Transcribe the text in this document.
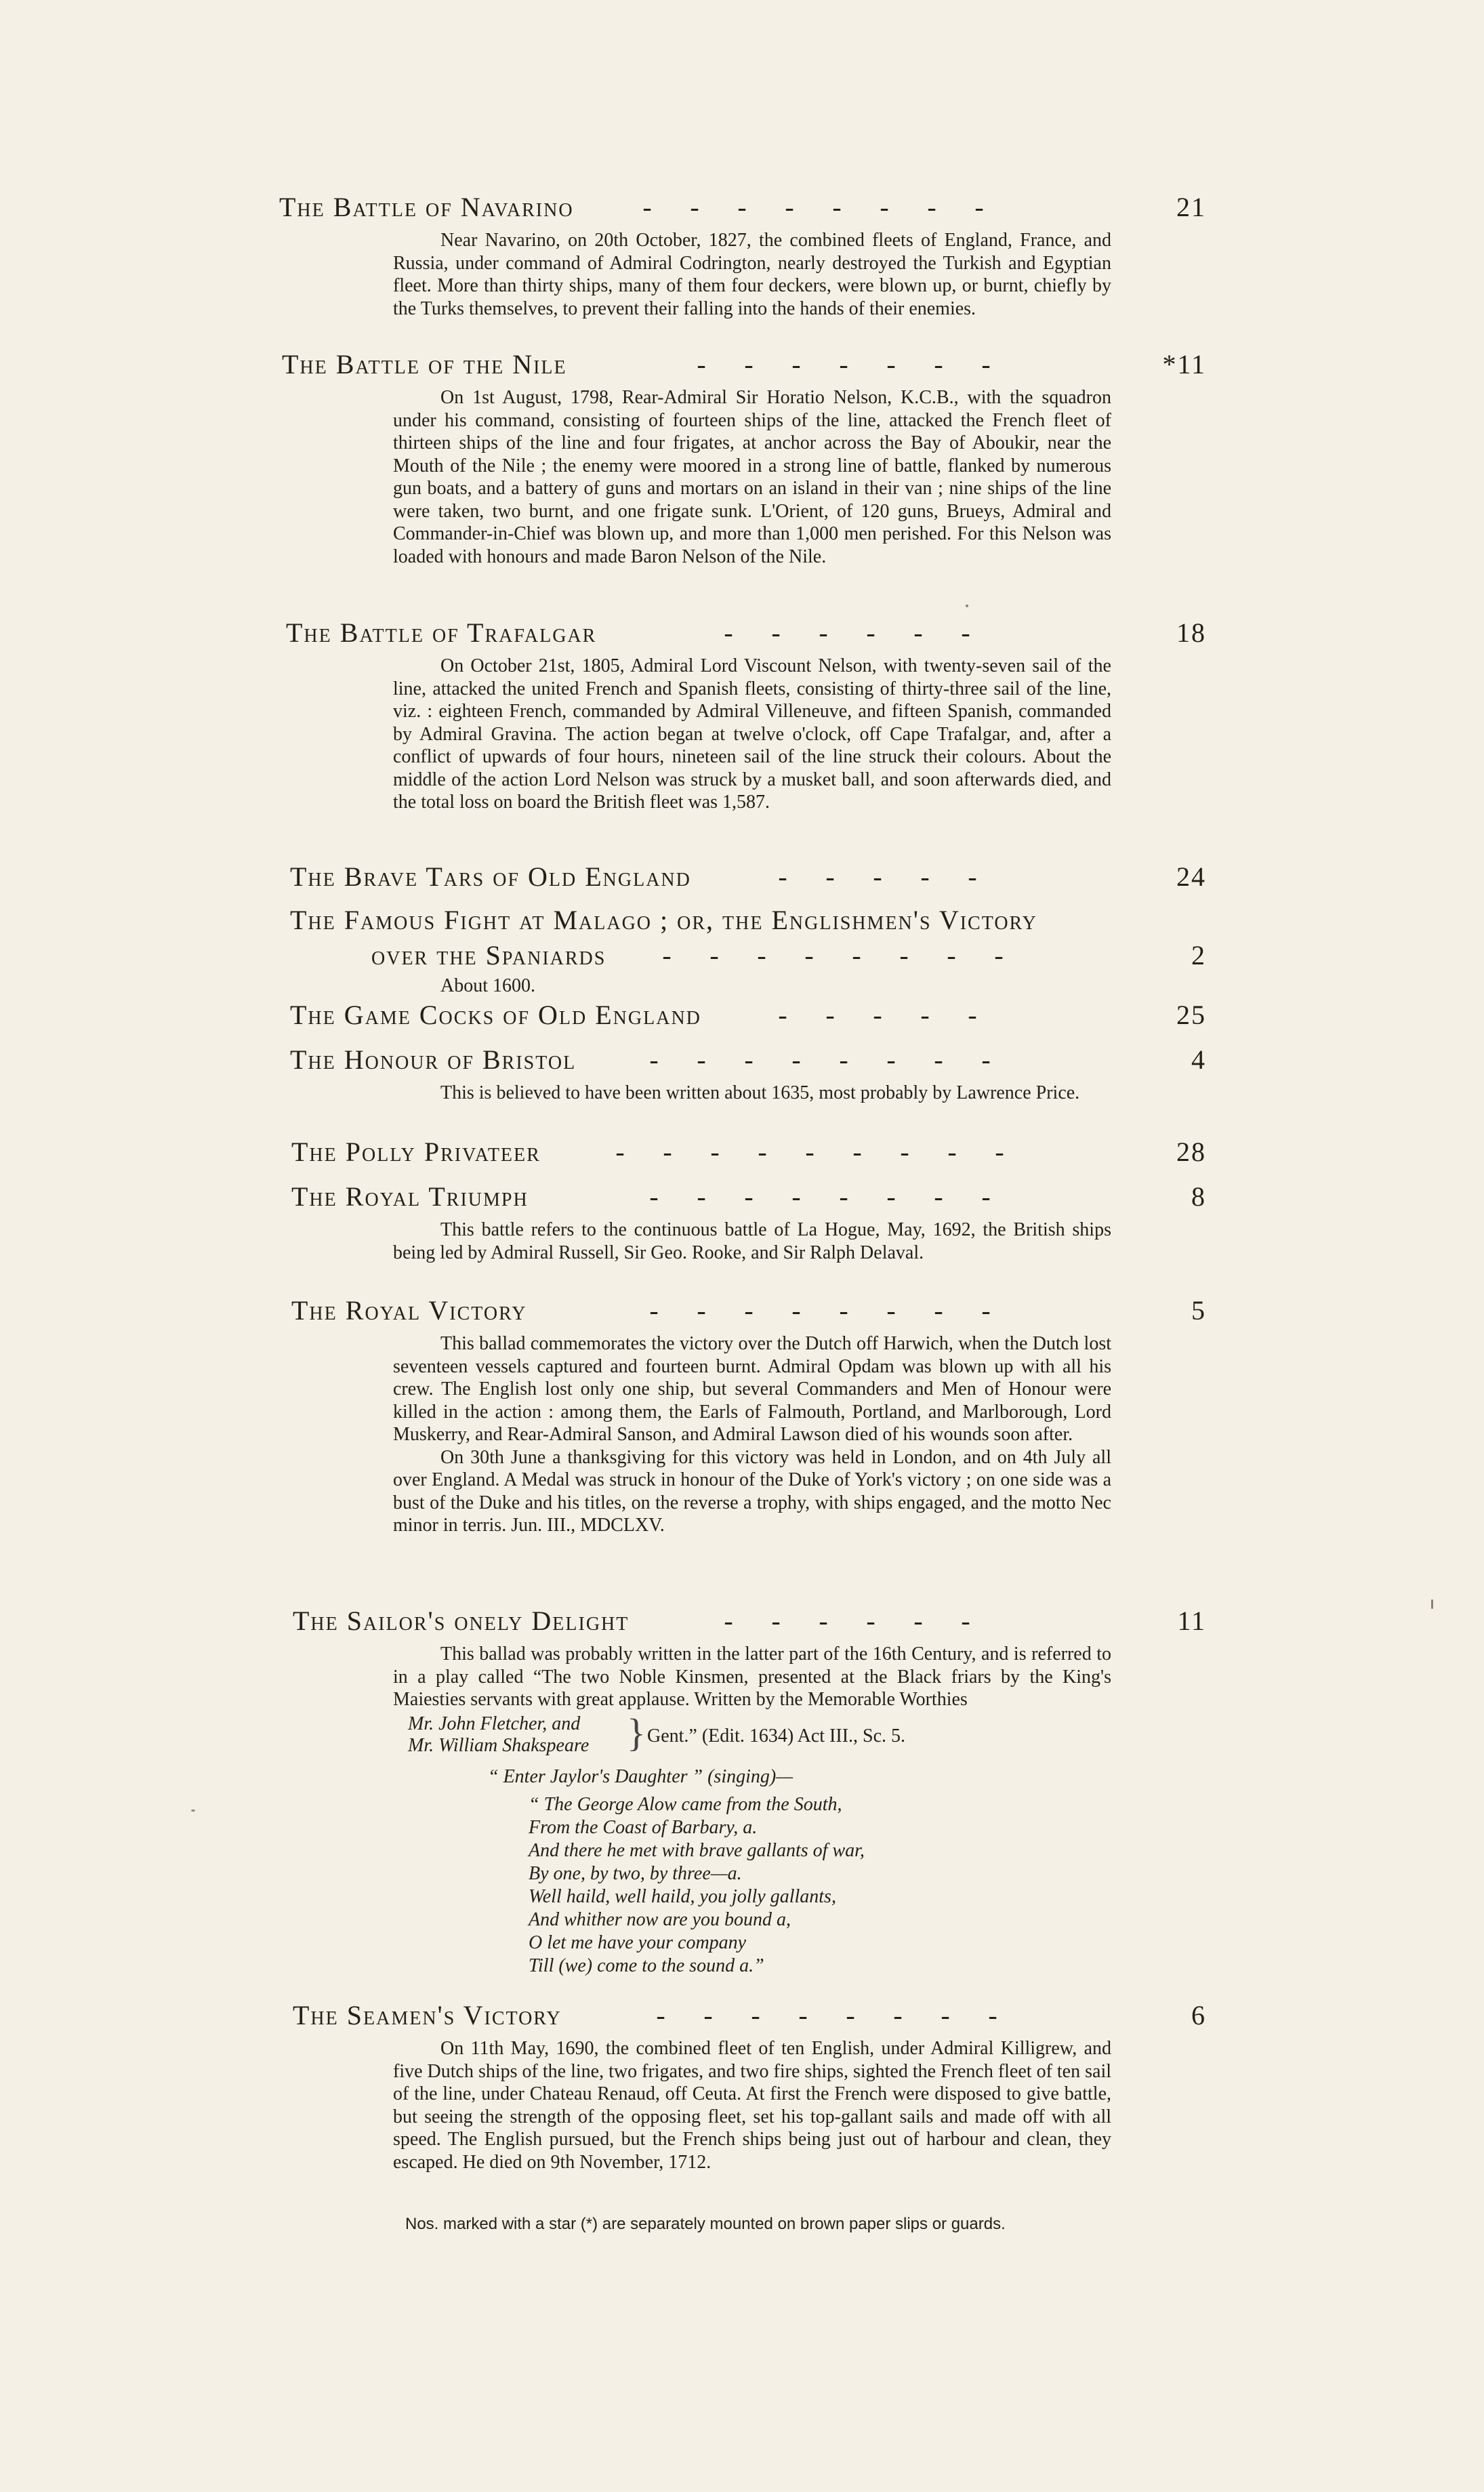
The Battle of Navarino	- - - - - - - -	21

Near Navarino, on 20th October, 1827, the combined fleets of England, France, and Russia, under command of Admiral Codrington, nearly destroyed the Turkish and Egyptian fleet. More than thirty ships, many of them four deckers, were blown up, or burnt, chiefly by the Turks themselves, to prevent their falling into the hands of their enemies.

The Battle of the Nile	- - - - - - -	*11

On 1st August, 1798, Rear-Admiral Sir Horatio Nelson, K.C.B., with the squadron under his command, consisting of fourteen ships of the line, attacked the French fleet of thirteen ships of the line and four frigates, at anchor across the Bay of Aboukir, near the Mouth of the Nile ; the enemy were moored in a strong line of battle, flanked by numerous gun boats, and a battery of guns and mortars on an island in their van ; nine ships of the line were taken, two burnt, and one frigate sunk. L'Orient, of 120 guns, Brueys, Admiral and Commander-in-Chief was blown up, and more than 1,000 men perished. For this Nelson was loaded with honours and made Baron Nelson of the Nile.

The Battle of Trafalgar	- - - - - -	18

On October 21st, 1805, Admiral Lord Viscount Nelson, with twenty-seven sail of the line, attacked the united French and Spanish fleets, consisting of thirty-three sail of the line, viz. : eighteen French, commanded by Admiral Villeneuve, and fifteen Spanish, commanded by Admiral Gravina. The action began at twelve o'clock, off Cape Trafalgar, and, after a conflict of upwards of four hours, nineteen sail of the line struck their colours. About the middle of the action Lord Nelson was struck by a musket ball, and soon afterwards died, and the total loss on board the British fleet was 1,587.

The Brave Tars of Old England	- - - - -	24
The Famous Fight at Malago ; or, the Englishmen's Victory
over the Spaniards	- - - - - - - -	2

About 1600.

The Game Cocks of Old England	- - - - -	25
The Honour of Bristol	- - - - - - - -	4

This is believed to have been written about 1635, most probably by Lawrence Price.

The Polly Privateer	- - - - - - - - -	28
The Royal Triumph	- - - - - - - -	8

This battle refers to the continuous battle of La Hogue, May, 1692, the British ships being led by Admiral Russell, Sir Geo. Rooke, and Sir Ralph Delaval.

The Royal Victory	- - - - - - - -	5

This ballad commemorates the victory over the Dutch off Harwich, when the Dutch lost seventeen vessels captured and fourteen burnt. Admiral Opdam was blown up with all his crew. The English lost only one ship, but several Commanders and Men of Honour were killed in the action : among them, the Earls of Falmouth, Portland, and Marlborough, Lord Muskerry, and Rear-Admiral Sanson, and Admiral Lawson died of his wounds soon after.

On 30th June a thanksgiving for this victory was held in London, and on 4th July all over England. A Medal was struck in honour of the Duke of York's victory ; on one side was a bust of the Duke and his titles, on the reverse a trophy, with ships engaged, and the motto Nec minor in terris. Jun. III., MDCLXV.

The Sailor's onely Delight	- - - - - -	11

This ballad was probably written in the latter part of the 16th Century, and is referred to in a play called “The two Noble Kinsmen, presented at the Black friars by the King's Maiesties servants with great applause. Written by the Memorable Worthies

Mr. John Fletcher, and
Mr. William Shakspeare } Gent.” (Edit. 1634) Act III., Sc. 5.
“ Enter Jaylor's Daughter ” (singing)—
“ The George Alow came from the South,
From the Coast of Barbary, a.
And there he met with brave gallants of war,
By one, by two, by three—a.
Well haild, well haild, you jolly gallants,
And whither now are you bound a,
O let me have your company
Till (we) come to the sound a.”
The Seamen's Victory	- - - - - - - -	6

On 11th May, 1690, the combined fleet of ten English, under Admiral Killigrew, and five Dutch ships of the line, two frigates, and two fire ships, sighted the French fleet of ten sail of the line, under Chateau Renaud, off Ceuta. At first the French were disposed to give battle, but seeing the strength of the opposing fleet, set his top-gallant sails and made off with all speed. The English pursued, but the French ships being just out of harbour and clean, they escaped. He died on 9th November, 1712.

Nos. marked with a star (*) are separately mounted on brown paper slips or guards.
